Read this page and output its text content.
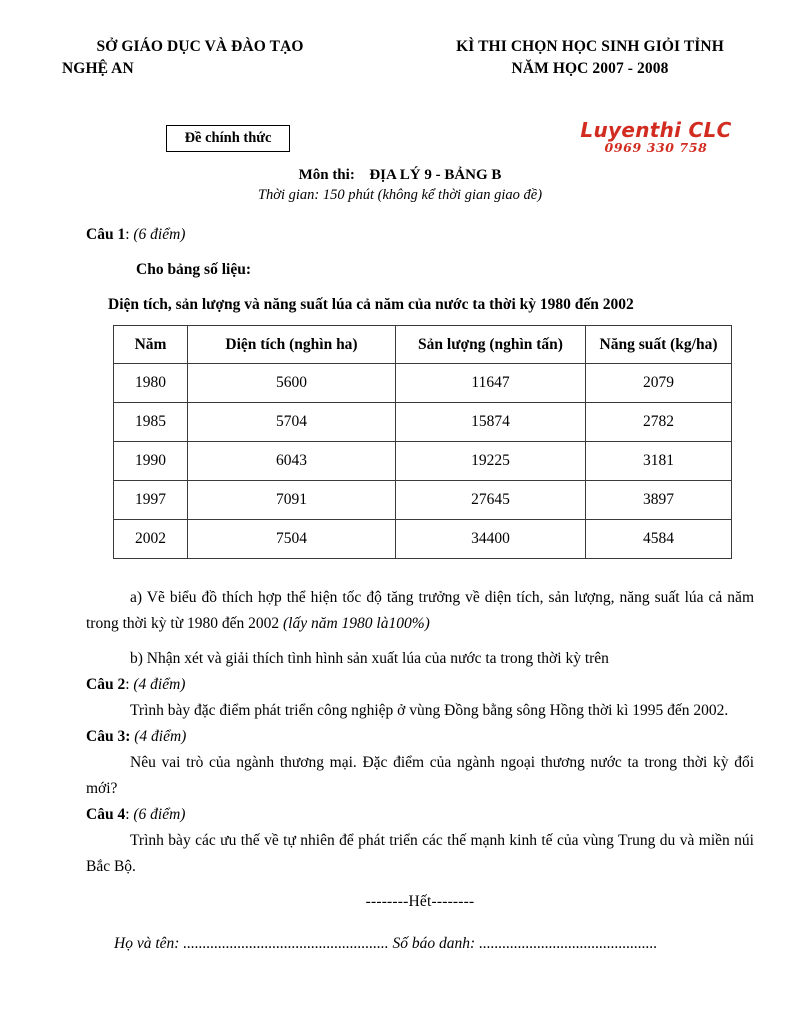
SỞ GIÁO DỤC VÀ ĐÀO TẠO
NGHỆ AN
KÌ THI CHỌN HỌC SINH GIỎI TỈNH
NĂM HỌC 2007 - 2008
Đề chính thức	Luyenthi CLC
0969 330 758
Môn thi: ĐỊA LÝ 9 - BẢNG B
Thời gian: 150 phút (không kể thời gian giao đề)

Câu 1: (6 điểm)

Cho bảng số liệu:

Diện tích, sản lượng và năng suất lúa cả năm của nước ta thời kỳ 1980 đến 2002

Năm	Diện tích (nghìn ha)	Sản lượng (nghìn tấn)	Năng suất (kg/ha)
1980	5600	11647	2079
1985	5704	15874	2782
1990	6043	19225	3181
1997	7091	27645	3897
2002	7504	34400	4584

a) Vẽ biểu đồ thích hợp thể hiện tốc độ tăng trưởng về diện tích, sản lượng, năng suất lúa cả năm trong thời kỳ từ 1980 đến 2002 (lấy năm 1980 là100%)

b) Nhận xét và giải thích tình hình sản xuất lúa của nước ta trong thời kỳ trên

Câu 2: (4 điểm)

Trình bày đặc điểm phát triển công nghiệp ở vùng Đồng bằng sông Hồng thời kì 1995 đến 2002.

Câu 3: (4 điểm)

Nêu vai trò của ngành thương mại. Đặc điểm của ngành ngoại thương nước ta trong thời kỳ đổi mới?

Câu 4: (6 điểm)

Trình bày các ưu thế về tự nhiên để phát triển các thế mạnh kinh tế của vùng Trung du và miền núi Bắc Bộ.

--------Hết--------

Họ và tên: ..................................................... Số báo danh: ..............................................
